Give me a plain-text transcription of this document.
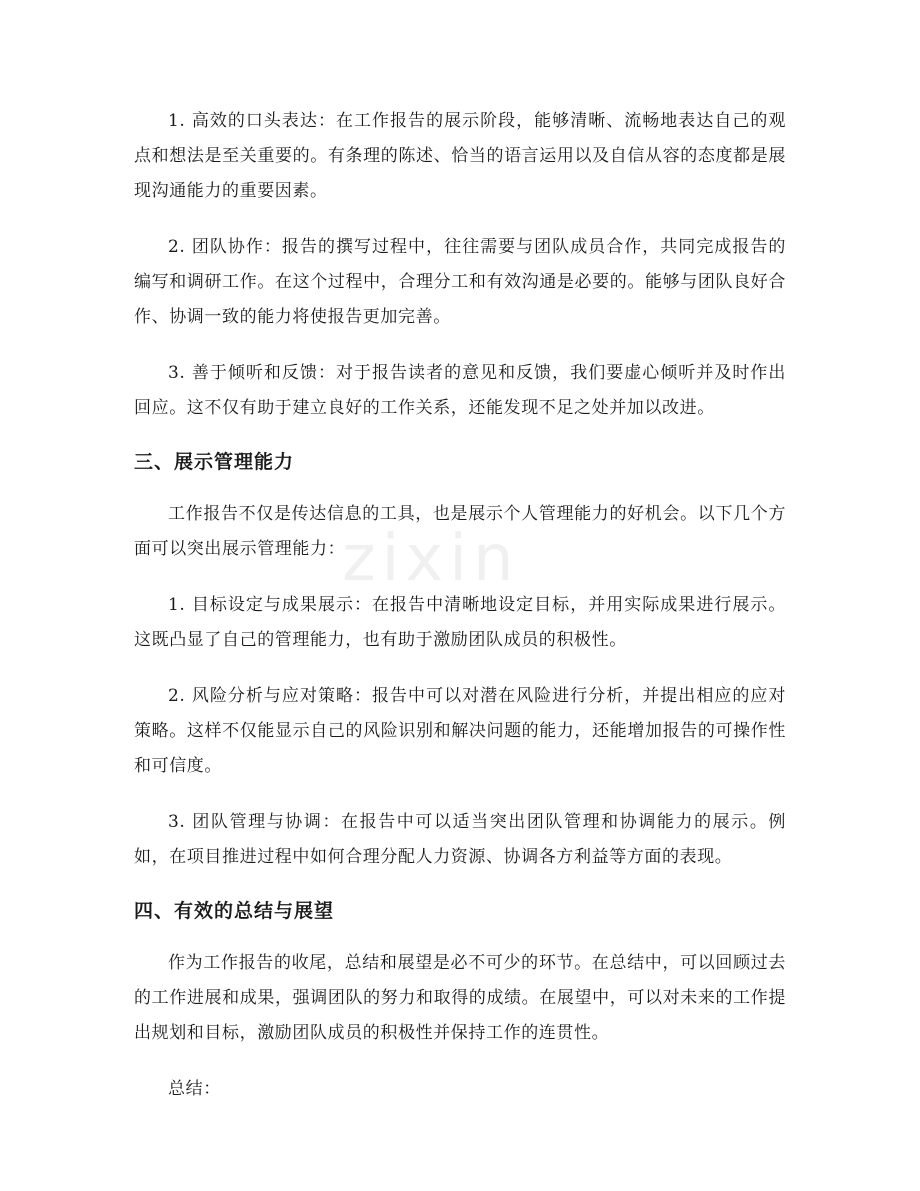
zixin

1. 高效的口头表达：在工作报告的展示阶段，能够清晰、流畅地表达自己的观点和想法是至关重要的。有条理的陈述、恰当的语言运用以及自信从容的态度都是展现沟通能力的重要因素。

2. 团队协作：报告的撰写过程中，往往需要与团队成员合作，共同完成报告的编写和调研工作。在这个过程中，合理分工和有效沟通是必要的。能够与团队良好合作、协调一致的能力将使报告更加完善。

3. 善于倾听和反馈：对于报告读者的意见和反馈，我们要虚心倾听并及时作出回应。这不仅有助于建立良好的工作关系，还能发现不足之处并加以改进。

三、展示管理能力

工作报告不仅是传达信息的工具，也是展示个人管理能力的好机会。以下几个方面可以突出展示管理能力：

1. 目标设定与成果展示：在报告中清晰地设定目标，并用实际成果进行展示。这既凸显了自己的管理能力，也有助于激励团队成员的积极性。

2. 风险分析与应对策略：报告中可以对潜在风险进行分析，并提出相应的应对策略。这样不仅能显示自己的风险识别和解决问题的能力，还能增加报告的可操作性和可信度。

3. 团队管理与协调：在报告中可以适当突出团队管理和协调能力的展示。例如，在项目推进过程中如何合理分配人力资源、协调各方利益等方面的表现。

四、有效的总结与展望

作为工作报告的收尾，总结和展望是必不可少的环节。在总结中，可以回顾过去的工作进展和成果，强调团队的努力和取得的成绩。在展望中，可以对未来的工作提出规划和目标，激励团队成员的积极性并保持工作的连贯性。

总结：
